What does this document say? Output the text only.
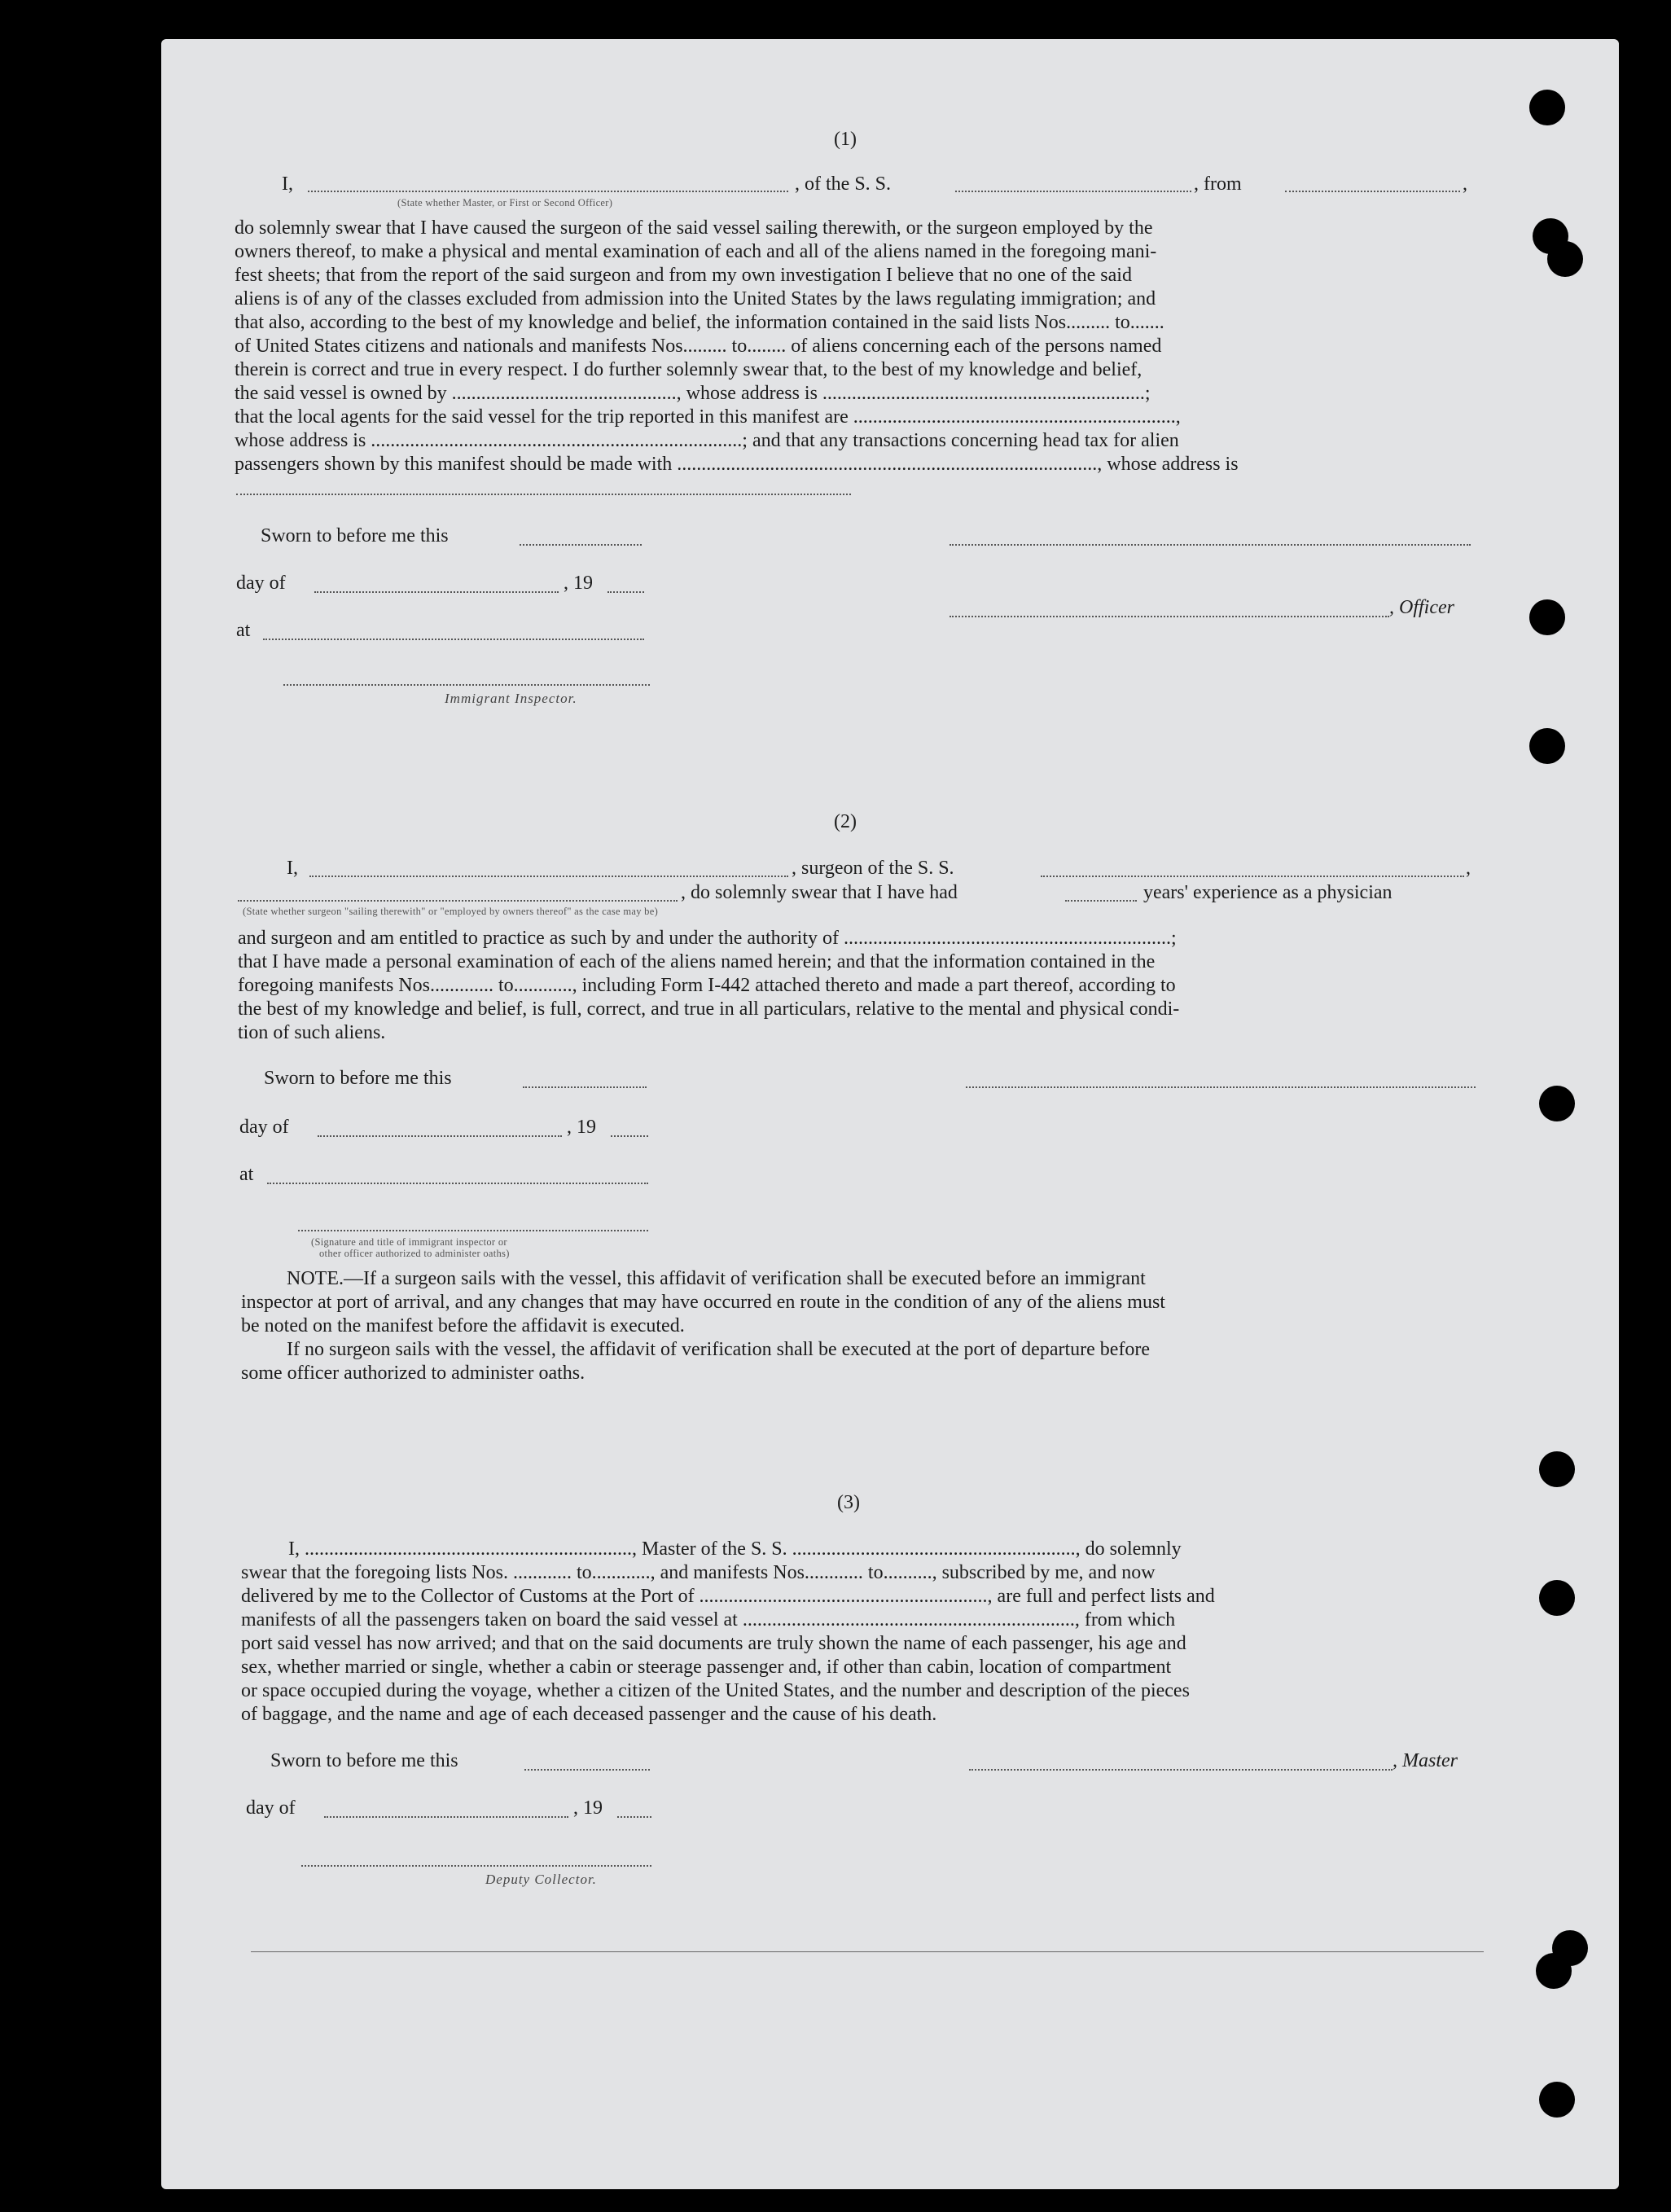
(1)
I,
(State whether Master, or First or Second Officer)
, of the S. S.	, from	,
do solemnly swear that I have caused the surgeon of the said vessel sailing therewith, or the surgeon employed by the
owners thereof, to make a physical and mental examination of each and all of the aliens named in the foregoing mani-
fest sheets; that from the report of the said surgeon and from my own investigation I believe that no one of the said
aliens is of any of the classes excluded from admission into the United States by the laws regulating immigration; and
that also, according to the best of my knowledge and belief, the information contained in the said lists Nos......... to.......
of United States citizens and nationals and manifests Nos......... to........ of aliens concerning each of the persons named
therein is correct and true in every respect. I do further solemnly swear that, to the best of my knowledge and belief,
the said vessel is owned by .............................................., whose address is ..................................................................;
that the local agents for the said vessel for the trip reported in this manifest are ..................................................................,
whose address is ............................................................................; and that any transactions concerning head tax for alien
passengers shown by this manifest should be made with ......................................................................................, whose address is
Sworn to before me this
day of	, 19
, Officer
at
Immigrant Inspector.
(2)
I,	, surgeon of the S. S.	,
, do solemnly swear that I have had	years' experience as a physician
(State whether surgeon "sailing therewith" or "employed by owners thereof" as the case may be)
and surgeon and am entitled to practice as such by and under the authority of ...................................................................;
that I have made a personal examination of each of the aliens named herein; and that the information contained in the
foregoing manifests Nos............. to............, including Form I-442 attached thereto and made a part thereof, according to
the best of my knowledge and belief, is full, correct, and true in all particulars, relative to the mental and physical condi-
tion of such aliens.
Sworn to before me this
day of	, 19
at
(Signature and title of immigrant inspector or
other officer authorized to administer oaths)
NOTE.—If a surgeon sails with the vessel, this affidavit of verification shall be executed before an immigrant
inspector at port of arrival, and any changes that may have occurred en route in the condition of any of the aliens must
be noted on the manifest before the affidavit is executed.
If no surgeon sails with the vessel, the affidavit of verification shall be executed at the port of departure before
some officer authorized to administer oaths.
(3)
I, ..................................................................., Master of the S. S. .........................................................., do solemnly
swear that the foregoing lists Nos. ............ to............, and manifests Nos............ to.........., subscribed by me, and now
delivered by me to the Collector of Customs at the Port of ..........................................................., are full and perfect lists and
manifests of all the passengers taken on board the said vessel at ...................................................................., from which
port said vessel has now arrived; and that on the said documents are truly shown the name of each passenger, his age and
sex, whether married or single, whether a cabin or steerage passenger and, if other than cabin, location of compartment
or space occupied during the voyage, whether a citizen of the United States, and the number and description of the pieces
of baggage, and the name and age of each deceased passenger and the cause of his death.
Sworn to before me this	, Master
day of	, 19
Deputy Collector.
